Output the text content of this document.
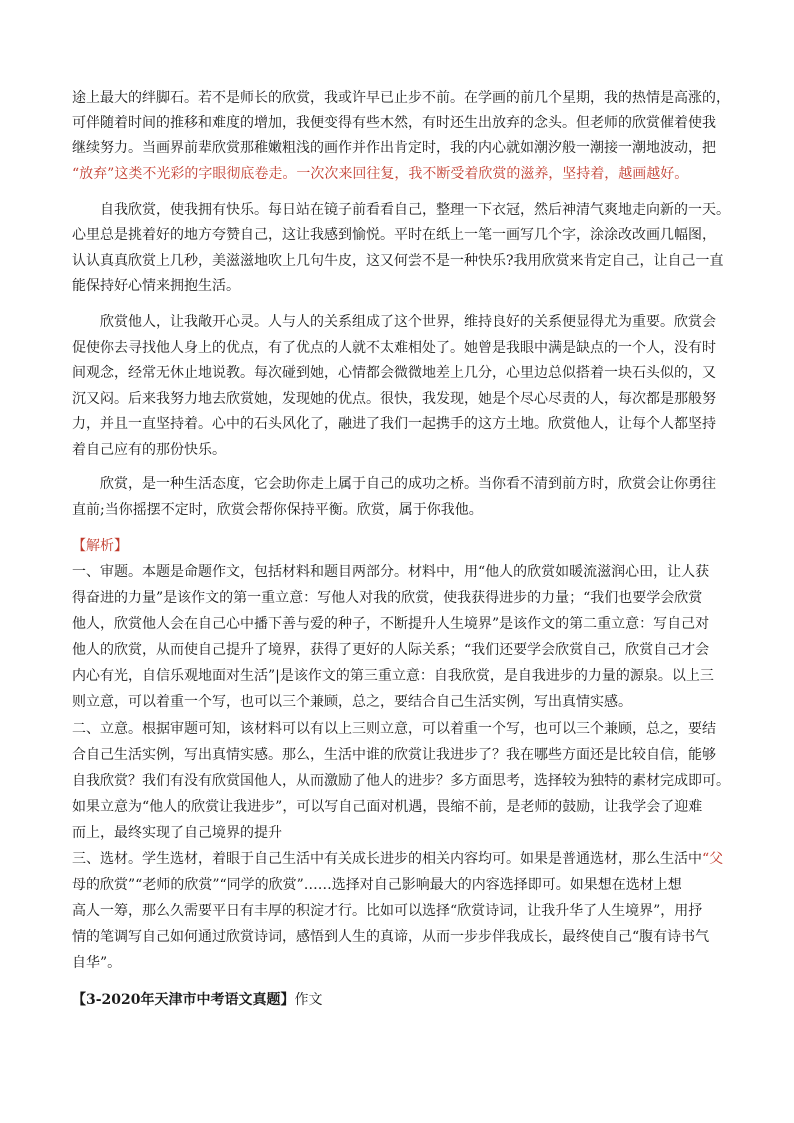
途上最大的绊脚石。若不是师长的欣赏，我或许早已止步不前。在学画的前几个星期，我的热情是高涨的，
可伴随着时间的推移和难度的增加，我便变得有些木然，有时还生出放弃的念头。但老师的欣赏催着使我
继续努力。当画界前辈欣赏那稚嫩粗浅的画作并作出肯定时，我的内心就如潮汐般一潮接一潮地波动，把
“放弃”这类不光彩的字眼彻底卷走。一次次来回往复，我不断受着欣赏的滋养，坚持着，越画越好。
　　自我欣赏，使我拥有快乐。每日站在镜子前看看自己，整理一下衣冠，然后神清气爽地走向新的一天。
心里总是挑着好的地方夸赞自己，这让我感到愉悦。平时在纸上一笔一画写几个字，涂涂改改画几幅图，
认认真真欣赏上几秒，美滋滋地吹上几句牛皮，这又何尝不是一种快乐?我用欣赏来肯定自己，让自己一直
能保持好心情来拥抱生活。
　　欣赏他人，让我敞开心灵。人与人的关系组成了这个世界，维持良好的关系便显得尤为重要。欣赏会
促使你去寻找他人身上的优点，有了优点的人就不太难相处了。她曾是我眼中满是缺点的一个人，没有时
间观念，经常无休止地说教。每次碰到她，心情都会微微地差上几分，心里边总似搭着一块石头似的，又
沉又闷。后来我努力地去欣赏她，发现她的优点。很快，我发现，她是个尽心尽责的人，每次都是那般努
力，并且一直坚持着。心中的石头风化了，融进了我们一起携手的这方土地。欣赏他人，让每个人都坚持
着自己应有的那份快乐。
　　欣赏，是一种生活态度，它会助你走上属于自己的成功之桥。当你看不清到前方时，欣赏会让你勇往
直前;当你摇摆不定时，欣赏会帮你保持平衡。欣赏，属于你我他。
【解析】
一、审题。本题是命题作文，包括材料和题目两部分。材料中，用“他人的欣赏如暖流滋润心田，让人获
得奋进的力量”是该作文的第一重立意：写他人对我的欣赏，使我获得进步的力量；“我们也要学会欣赏
他人，欣赏他人会在自己心中播下善与爱的种子，不断提升人生境界”是该作文的第二重立意：写自己对
他人的欣赏，从而使自己提升了境界，获得了更好的人际关系；“我们还要学会欣赏自己，欣赏自己才会
内心有光，自信乐观地面对生活”|是该作文的第三重立意：自我欣赏，是自我进步的力量的源泉。以上三
则立意，可以着重一个写，也可以三个兼顾，总之，要结合自己生活实例，写出真情实感。
二、立意。根据审题可知，该材料可以有以上三则立意，可以着重一个写，也可以三个兼顾，总之，要结
合自己生活实例，写出真情实感。那么，生活中谁的欣赏让我进步了？我在哪些方面还是比较自信，能够
自我欣赏？我们有没有欣赏国他人，从而激励了他人的进步？多方面思考，选择较为独特的素材完成即可。
如果立意为“他人的欣赏让我进步”，可以写自己面对机遇，畏缩不前，是老师的鼓励，让我学会了迎难
而上，最终实现了自己境界的提升
三、选材。学生选材，着眼于自己生活中有关成长进步的相关内容均可。如果是普通选材，那么生活中“父
母的欣赏”“老师的欣赏”“同学的欣赏”……选择对自己影响最大的内容选择即可。如果想在选材上想
高人一筹，那么久需要平日有丰厚的积淀才行。比如可以选择“欣赏诗词，让我升华了人生境界”，用抒
情的笔调写自己如何通过欣赏诗词，感悟到人生的真谛，从而一步步伴我成长，最终使自己“腹有诗书气
自华”。
【3-2020年天津市中考语文真题】作文
